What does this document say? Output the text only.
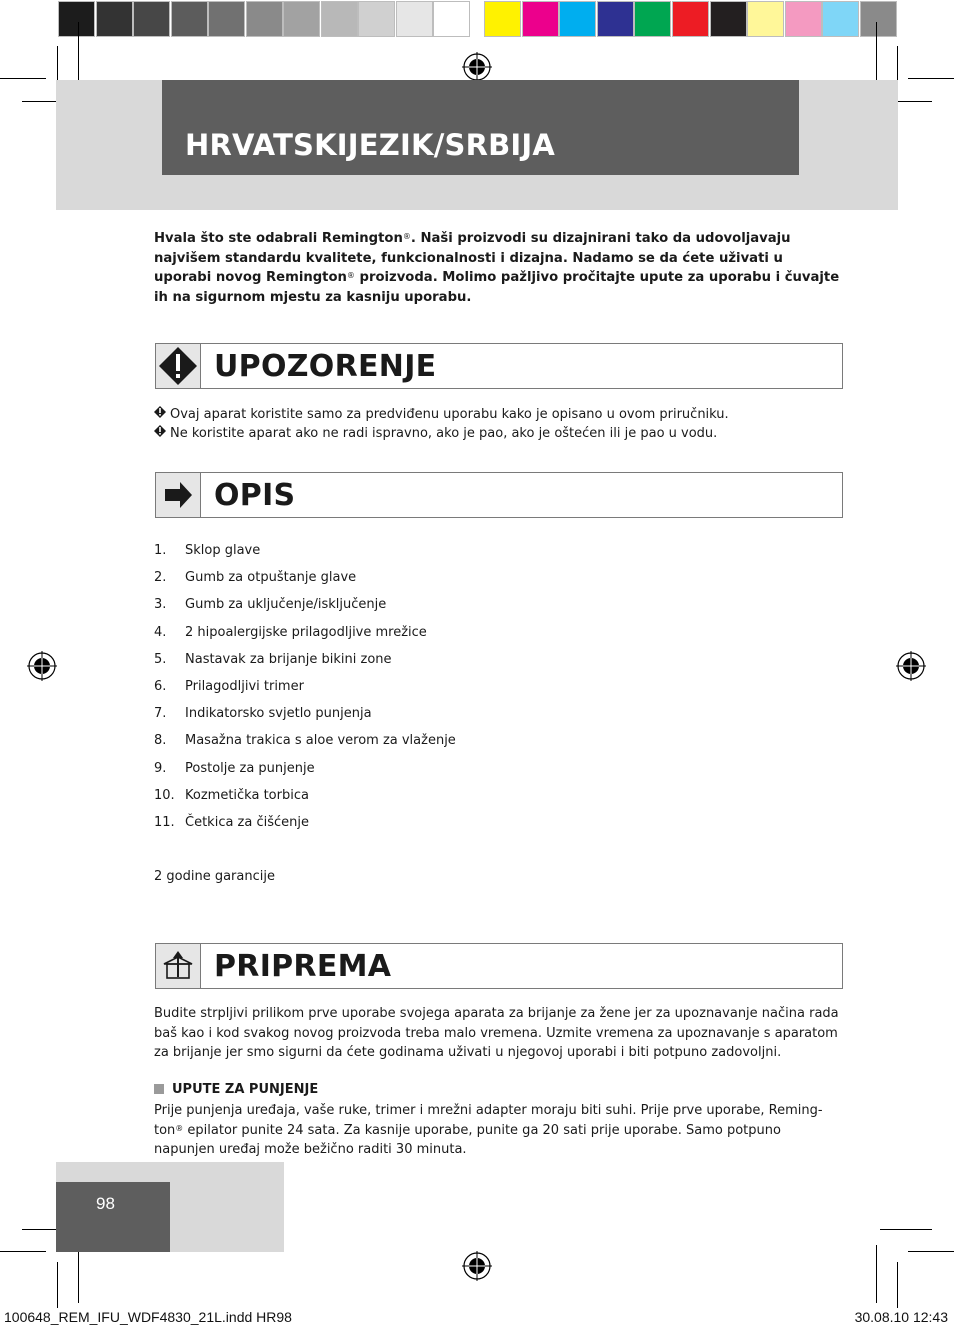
HRVATSKIJEZIK/SRBIJA
Hvala što ste odabrali Remington®. Naši proizvodi su dizajnirani tako da udovoljavaju najvišem standardu kvalitete, funkcionalnosti i dizajna. Nadamo se da ćete uživati u uporabi novog Remington® proizvoda. Molimo pažljivo pročitajte upute za uporabu i čuvajte ih na sigurnom mjestu za kasniju uporabu.
UPOZORENJE
Ovaj aparat koristite samo za predviđenu uporabu kako je opisano u ovom priručniku.
Ne koristite aparat ako ne radi ispravno, ako je pao, ako je oštećen ili je pao u vodu.
OPIS
1. Sklop glave
2. Gumb za otpuštanje glave
3. Gumb za uključenje/isključenje
4. 2 hipoalergijske prilagodljive mrežice
5. Nastavak za brijanje bikini zone
6. Prilagodljivi trimer
7. Indikatorsko svjetlo punjenja
8. Masažna trakica s aloe verom za vlaženje
9. Postolje za punjenje
10. Kozmetička torbica
11. Četkica za čišćenje
2 godine garancije
PRIPREMA
Budite strpljivi prilikom prve uporabe svojega aparata za brijanje za žene jer za upoznavanje načina rada baš kao i kod svakog novog proizvoda treba malo vremena. Uzmite vremena za upoznavanje s aparatom za brijanje jer smo sigurni da ćete godinama uživati u njegovoj uporabi i biti potpuno zadovoljni.
UPUTE ZA PUNJENJE
Prije punjenja uređaja, vaše ruke, trimer i mrežni adapter moraju biti suhi. Prije prve uporabe, Reming-ton® epilator punite 24 sata. Za kasnije uporabe, punite ga 20 sati prije uporabe. Samo potpuno napunjen uređaj može bežično raditi 30 minuta.
98
100648_REM_IFU_WDF4830_21L.indd HR98	30.08.10 12:43
